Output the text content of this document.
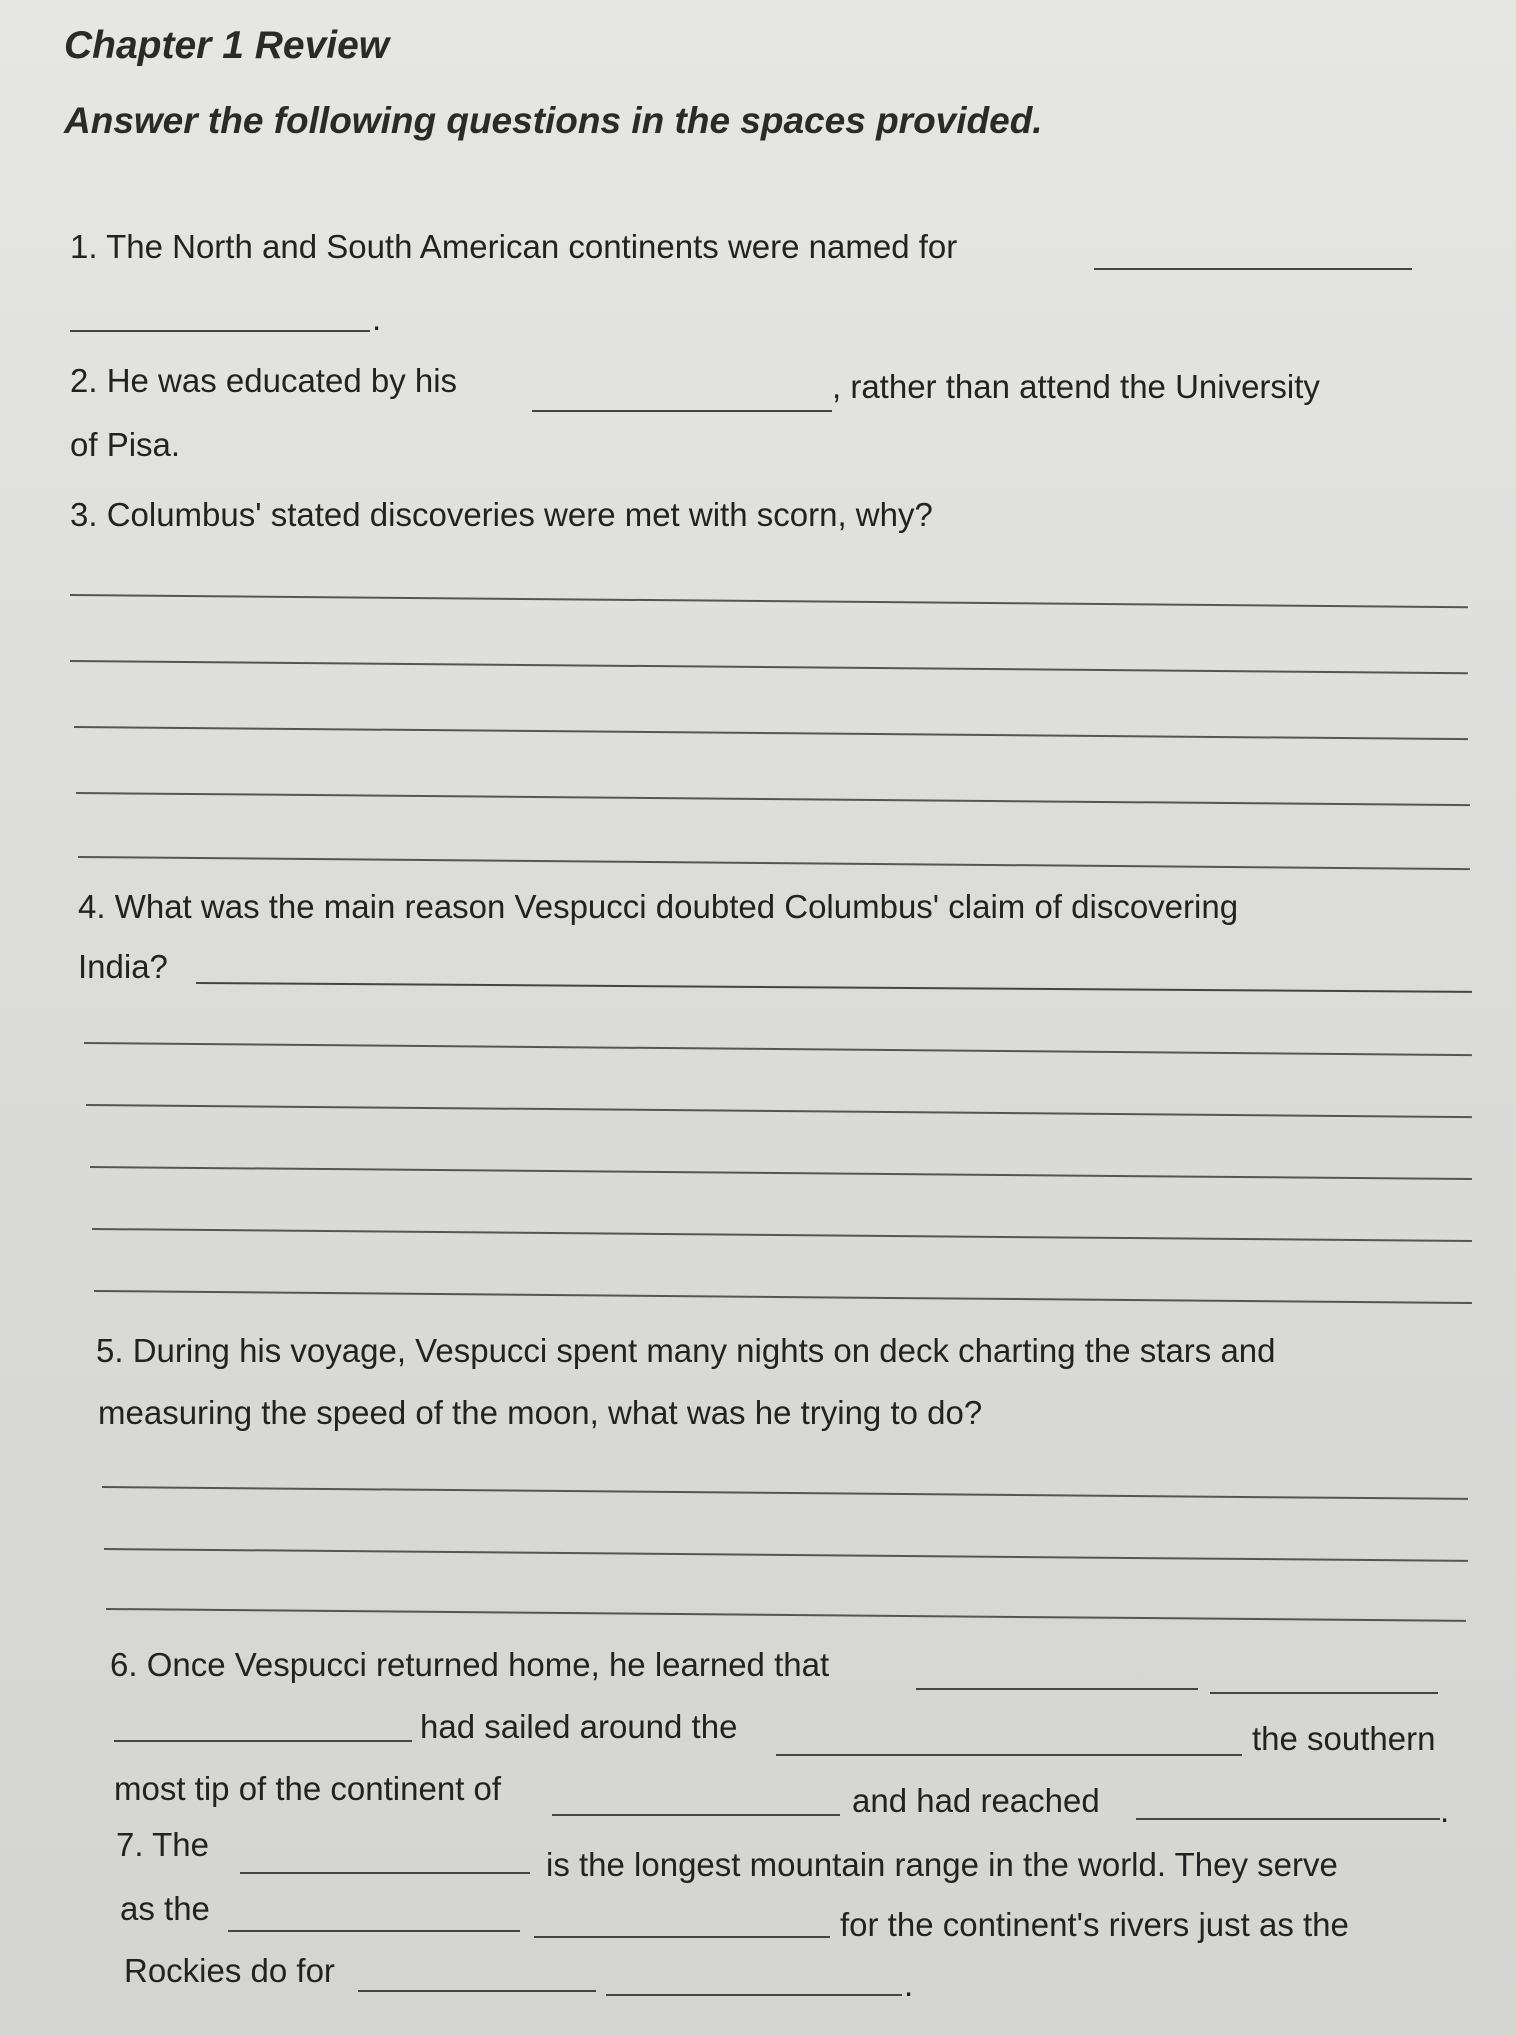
Chapter 1 Review
Answer the following questions in the spaces provided.
1. The North and South American continents were named for
.
2. He was educated by his	, rather than attend the University
of Pisa.
3. Columbus' stated discoveries were met with scorn, why?
4. What was the main reason Vespucci doubted Columbus' claim of discovering
India?
5. During his voyage, Vespucci spent many nights on deck charting the stars and
measuring the speed of the moon, what was he trying to do?
6. Once Vespucci returned home, he learned that
had sailed around the	the southern
most tip of the continent of	and had reached	.
7. The
is the longest mountain range in the world. They serve
as the	for the continent's rivers just as the
Rockies do for	.
